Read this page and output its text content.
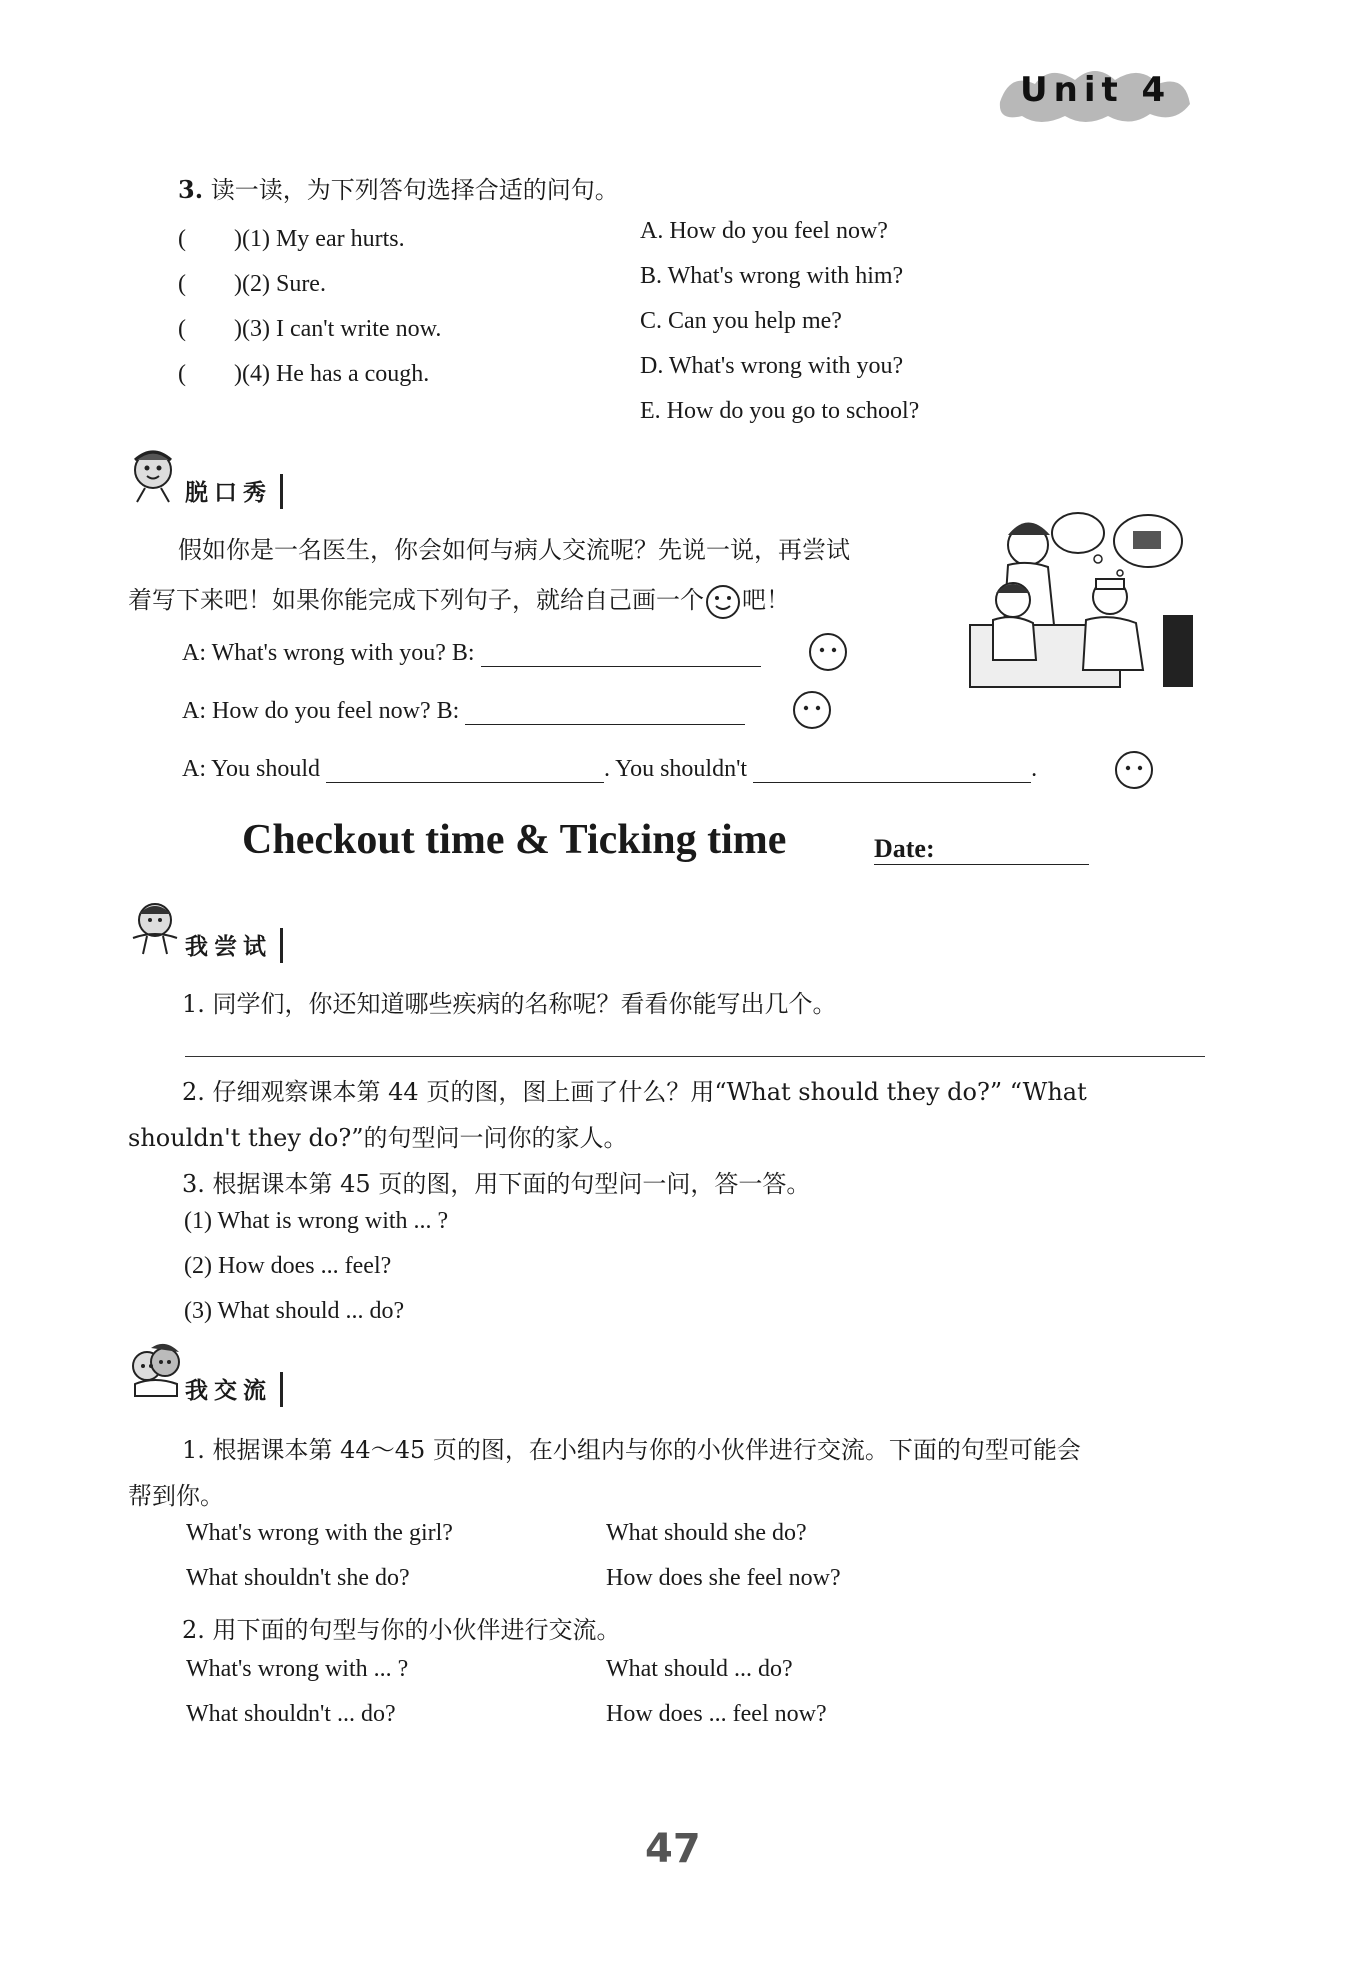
Unit 4
3. 读一读，为下列答句选择合适的问句。
(　　)(1) My ear hurts.
(　　)(2) Sure.
(　　)(3) I can't write now.
(　　)(4) He has a cough.
A. How do you feel now?
B. What's wrong with him?
C. Can you help me?
D. What's wrong with you?
E. How do you go to school?
脱口秀
假如你是一名医生，你会如何与病人交流呢？先说一说，再尝试
着写下来吧！如果你能完成下列句子，就给自己画一个 吧！
A: What's wrong with you? B:
A: How do you feel now? B:
A: You should	. You shouldn't	.
Checkout time & Ticking time	Date:
我尝试
1. 同学们，你还知道哪些疾病的名称呢？看看你能写出几个。
2. 仔细观察课本第 44 页的图，图上画了什么？用“What should they do?” “What
shouldn't they do?”的句型问一问你的家人。
3. 根据课本第 45 页的图，用下面的句型问一问，答一答。
(1) What is wrong with ... ?
(2) How does ... feel?
(3) What should ... do?
我交流
1. 根据课本第 44～45 页的图，在小组内与你的小伙伴进行交流。下面的句型可能会
帮到你。
What's wrong with the girl?	What should she do?
What shouldn't she do?	How does she feel now?
2. 用下面的句型与你的小伙伴进行交流。
What's wrong with ... ?	What should ... do?
What shouldn't ... do?	How does ... feel now?
47
